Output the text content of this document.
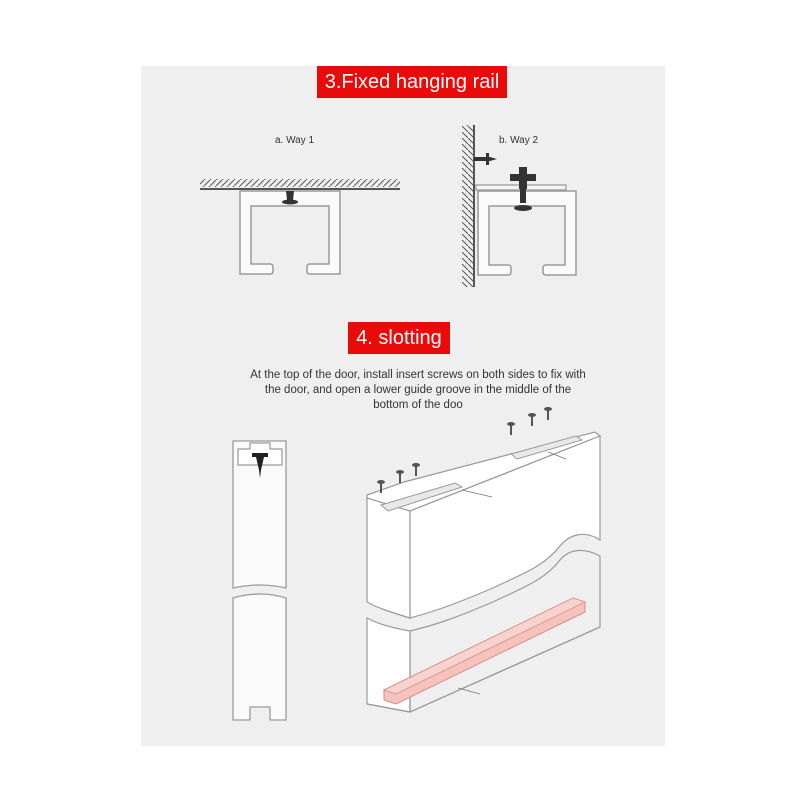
3.Fixed hanging rail
a. Way 1	b. Way 2
4. slotting
At the top of the door, install insert screws on both sides to fix with the door, and open a lower guide groove in the middle of the bottom of the doo
